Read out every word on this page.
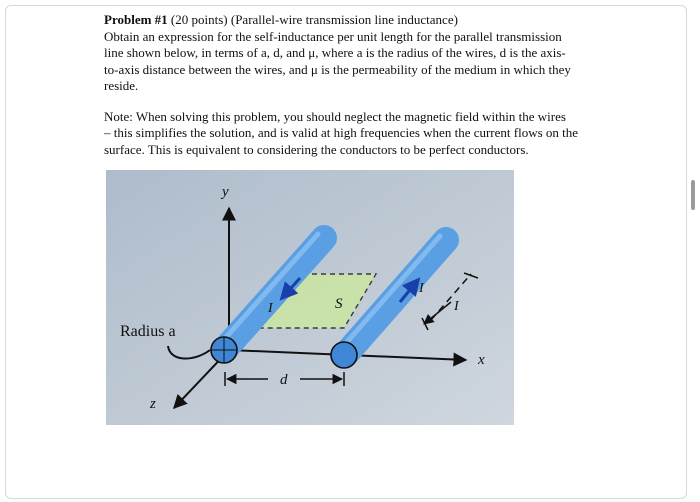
Problem #1 (20 points) (Parallel-wire transmission line inductance)

Obtain an expression for the self-inductance per unit length for the parallel transmission

line shown below, in terms of a, d, and μ, where a is the radius of the wires, d is the axis-

to-axis distance between the wires, and μ is the permeability of the medium in which they

reside.

Note: When solving this problem, you should neglect the magnetic field within the wires

– this simplifies the solution, and is valid at high frequencies when the current flows on the

surface. This is equivalent to considering the conductors to be perfect conductors.

y
x
z
Radius a
d
S
I
I
I
